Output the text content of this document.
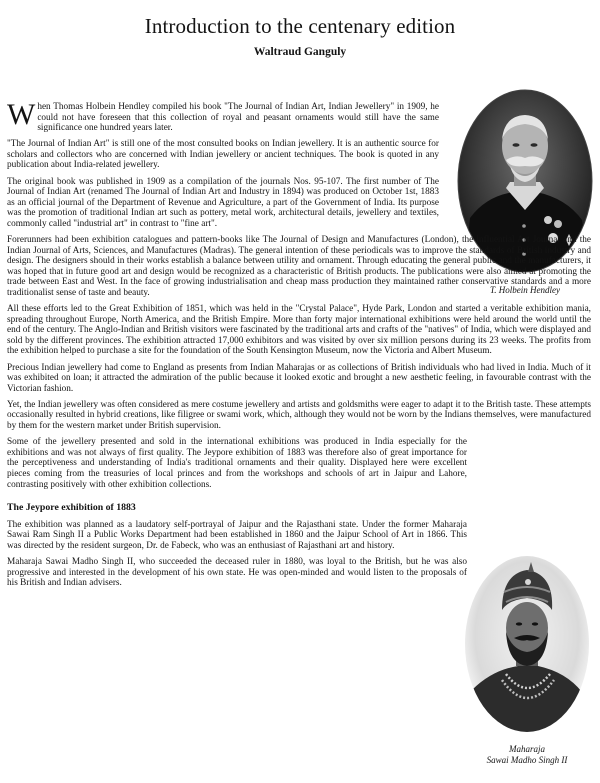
Introduction to the centenary edition
Waltraud Ganguly
T. Holbein Hendley
Maharaja
Sawai Madho Singh II

When Thomas Holbein Hendley compiled his book "The Journal of Indian Art, Indian Jewellery" in 1909, he could not have foreseen that this collection of royal and peasant ornaments would still have the same significance one hundred years later.

"The Journal of Indian Art" is still one of the most consulted books on Indian jewellery. It is an authentic source for scholars and collectors who are concerned with Indian jewellery or ancient techniques. The book is quoted in any publication about India-related jewellery.

The original book was published in 1909 as a compilation of the journals Nos. 95-107. The first number of The Journal of Indian Art (renamed The Journal of Indian Art and Industry in 1894) was produced on October 1st, 1883 as an official journal of the Department of Revenue and Agriculture, a part of the Government of India. Its purpose was the promotion of traditional Indian art such as pottery, metal work, architectural details, jewellery and textiles, commonly called "industrial art" in contrast to "fine art".

Forerunners had been exhibition catalogues and pattern-books like The Journal of Design and Manufactures (London), the influential Art Journal and the Indian Journal of Arts, Sciences, and Manufactures (Madras). The general intention of these periodicals was to improve the standards of British industry and design. The designers should in their works establish a balance between utility and ornament. Through educating the general public and the manufacturers, it was hoped that in future good art and design would be recognized as a characteristic of British products. The publications were also aimed at promoting the trade between East and West. In the face of growing industrialisation and cheap mass production they maintained rather conservative standards and a more traditionalist sense of taste and beauty.

All these efforts led to the Great Exhibition of 1851, which was held in the "Crystal Palace", Hyde Park, London and started a veritable exhibition mania, spreading throughout Europe, North America, and the British Empire. More than forty major international exhibitions were held around the world until the end of the century. The Anglo-Indian and British visitors were fascinated by the traditional arts and crafts of the "natives" of India, which were displayed and sold by the different provinces. The exhibition attracted 17,000 exhibitors and was visited by over six million persons during its 23 weeks. The profits from the exhibition helped to purchase a site for the foundation of the South Kensington Museum, now the Victoria and Albert Museum.

Precious Indian jewellery had come to England as presents from Indian Maharajas or as collections of British individuals who had lived in India. Much of it was exhibited on loan; it attracted the admiration of the public because it looked exotic and brought a new aesthetic feeling, in favourable contrast with the Victorian fashion.

Yet, the Indian jewellery was often considered as mere costume jewellery and artists and goldsmiths were eager to adapt it to the British taste. These attempts occasionally resulted in hybrid creations, like filigree or swami work, which, although they would not be worn by the Indians themselves, were manufactured by them for the western market under British supervision.

Some of the jewellery presented and sold in the international exhibitions was produced in India especially for the exhibitions and was not always of first quality. The Jeypore exhibition of 1883 was therefore also of great importance for the perceptiveness and understanding of India's traditional ornaments and their quality. Displayed here were excellent pieces coming from the treasuries of local princes and from the workshops and schools of art in Jaipur and Lahore, contrasting positively with other exhibition collections.

The Jeypore exhibition of 1883

The exhibition was planned as a laudatory self-portrayal of Jaipur and the Rajasthani state. Under the former Maharaja Sawai Ram Singh II a Public Works Department had been established in 1860 and the Jaipur School of Art in 1866. This was directed by the resident surgeon, Dr. de Fabeck, who was an enthusiast of Rajasthani art and history.

Maharaja Sawai Madho Singh II, who succeeded the deceased ruler in 1880, was loyal to the British, but he was also progressive and interested in the development of his own state. He was open-minded and would listen to the proposals of his British and Indian advisers.
